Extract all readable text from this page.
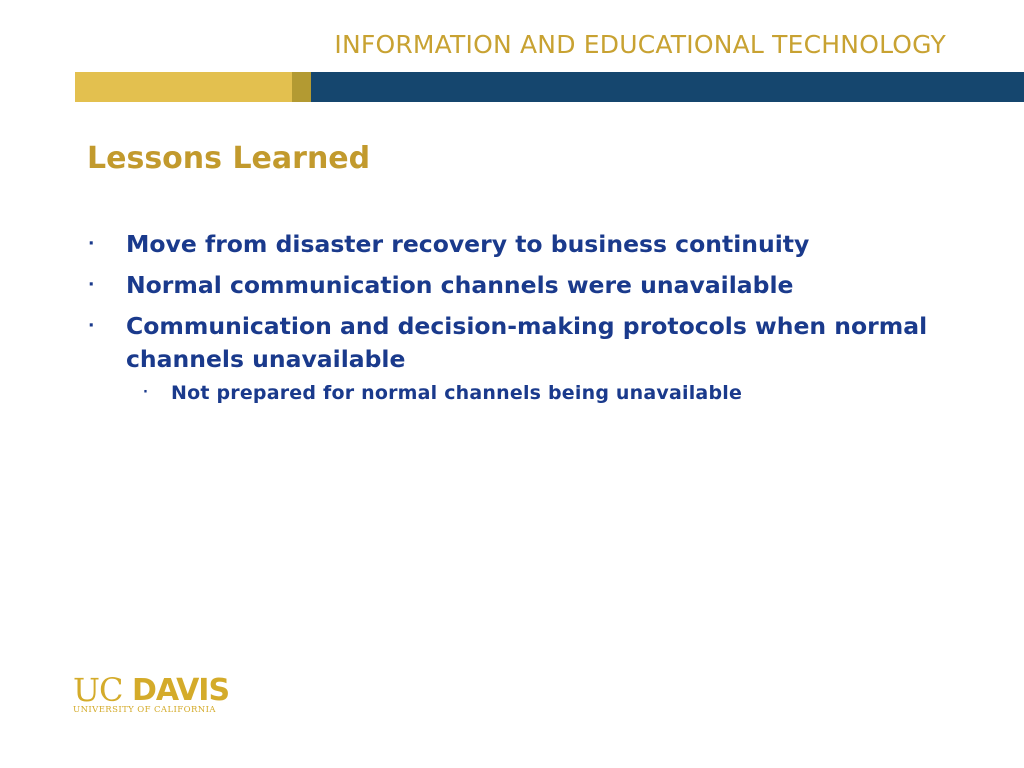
INFORMATION AND EDUCATIONAL TECHNOLOGY
Lessons Learned
· Move from disaster recovery to business continuity
· Normal communication channels were unavailable
· Communication and decision-making protocols when normal channels unavailable
· Not prepared for normal channels being unavailable
UC DAVIS
UNIVERSITY OF CALIFORNIA
